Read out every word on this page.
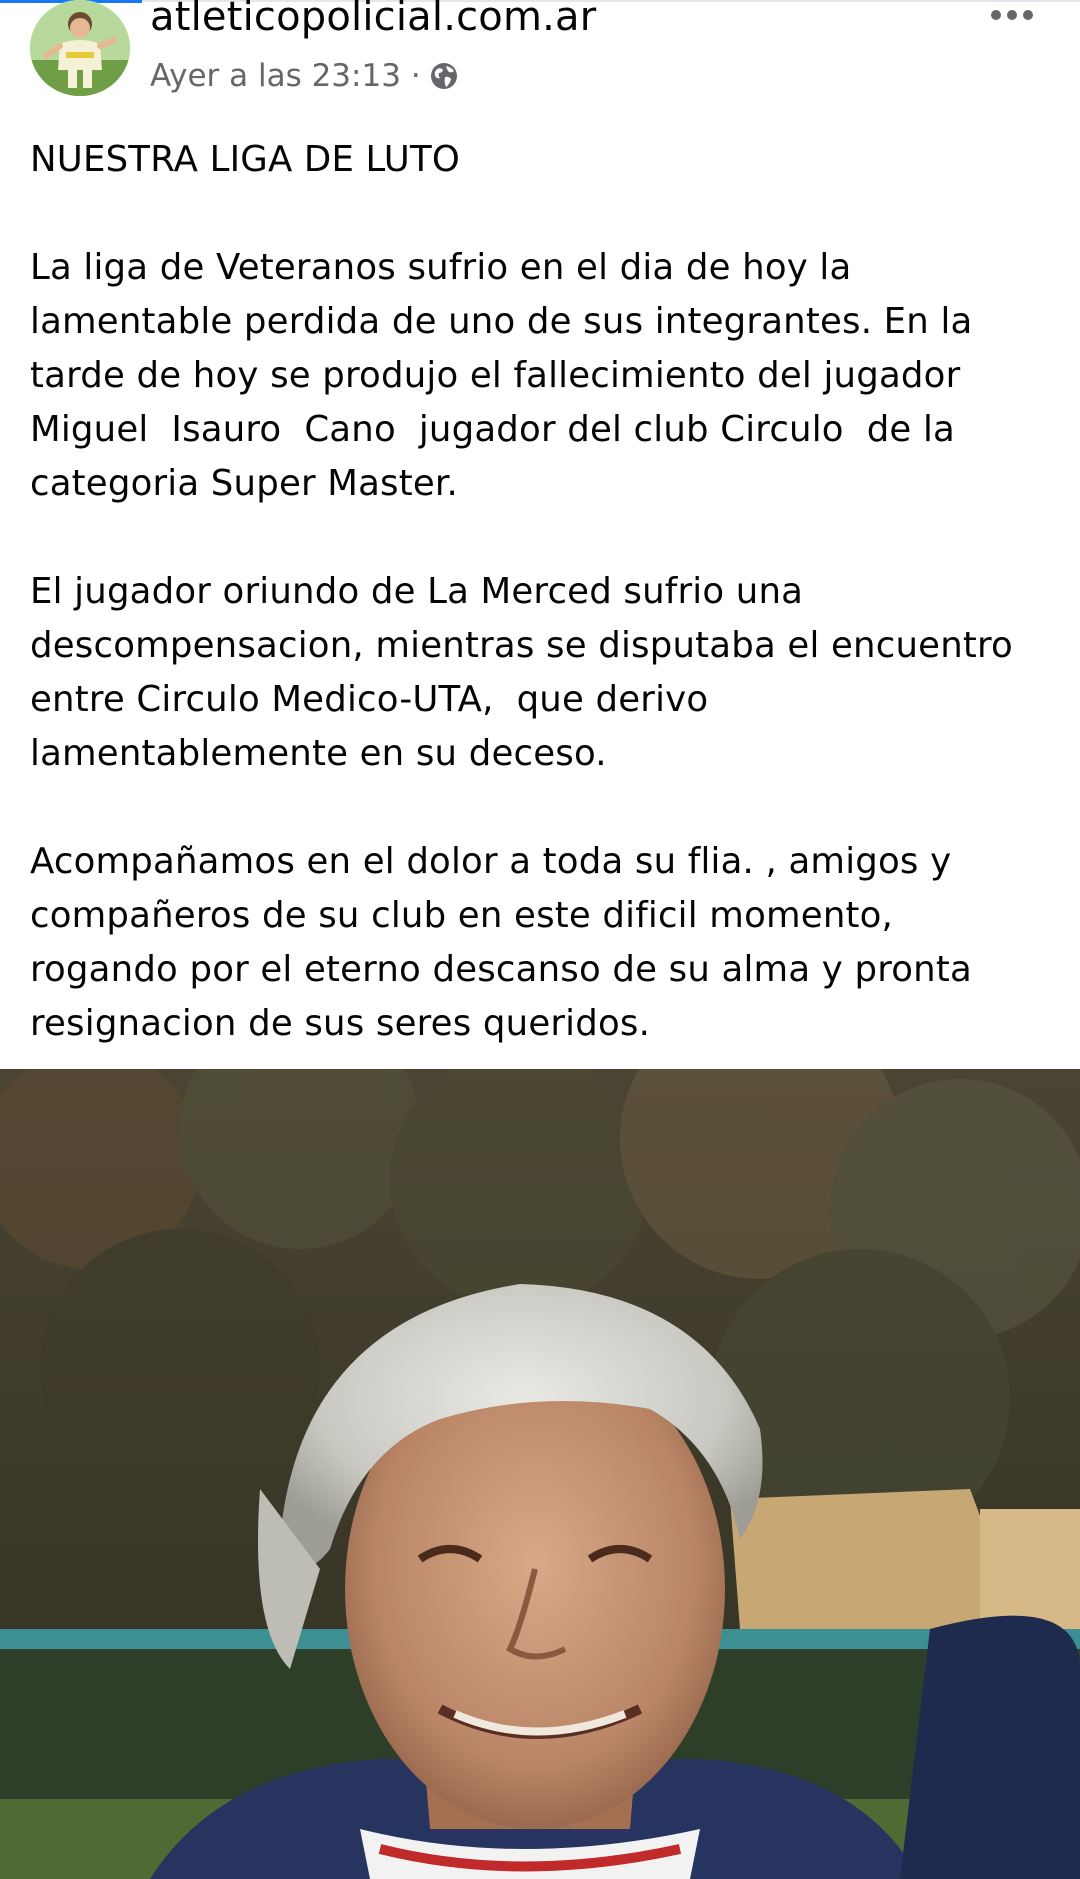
atleticopolicial.com.ar
Ayer a las 23:13 ·

NUESTRA LIGA DE LUTO

La liga de Veteranos sufrio en el dia de hoy la
lamentable perdida de uno de sus integrantes. En la
tarde de hoy se produjo el fallecimiento del jugador
Miguel  Isauro  Cano  jugador del club Circulo  de la
categoria Super Master.

El jugador oriundo de La Merced sufrio una
descompensacion, mientras se disputaba el encuentro
entre Circulo Medico-UTA,  que derivo
lamentablemente en su deceso.

Acompañamos en el dolor a toda su flia. , amigos y
compañeros de su club en este dificil momento,
rogando por el eterno descanso de su alma y pronta
resignacion de sus seres queridos.
